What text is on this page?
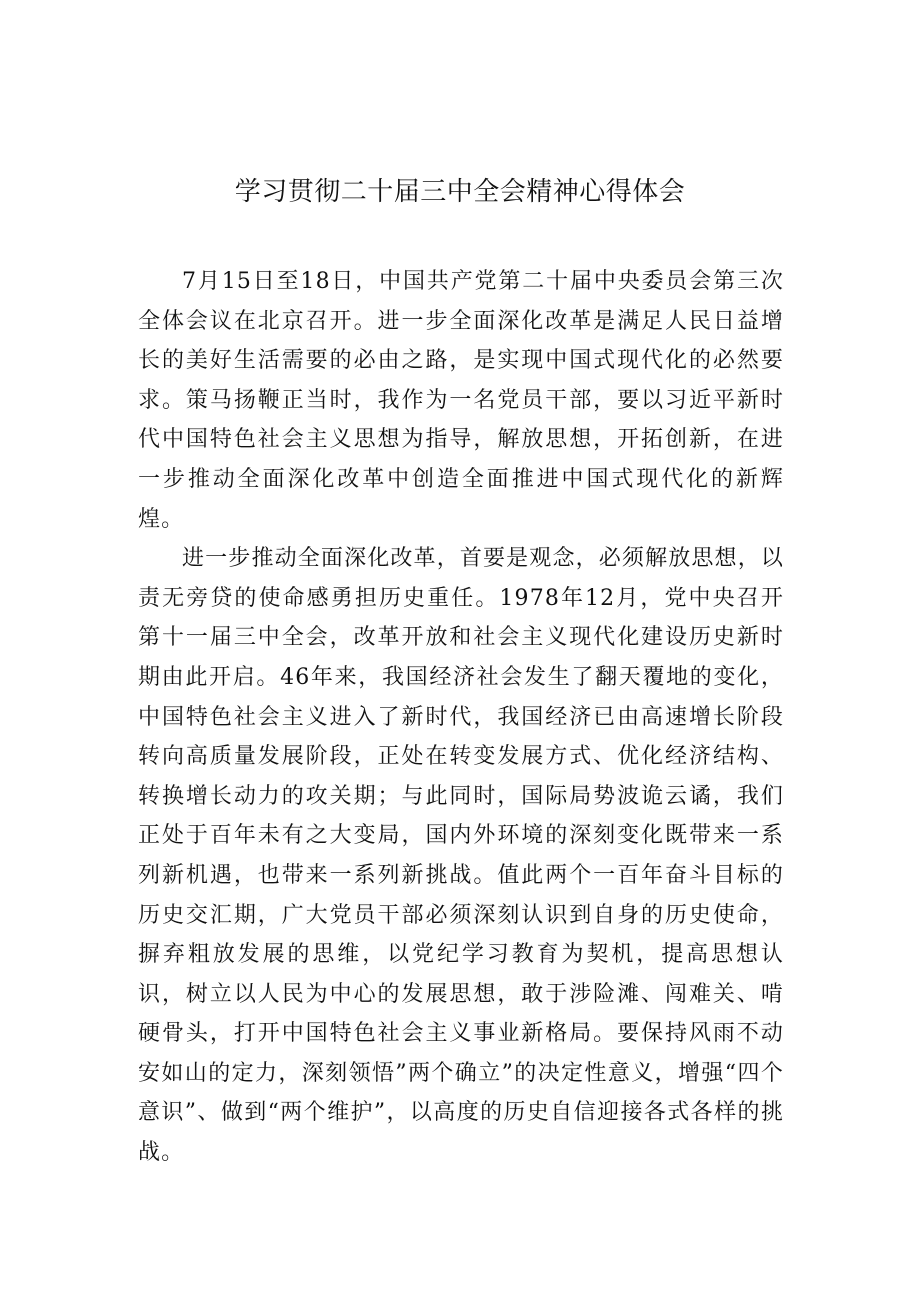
学习贯彻二十届三中全会精神心得体会

7月15日至18日，中国共产党第二十届中央委员会第三次全体会议在北京召开。进一步全面深化改革是满足人民日益增长的美好生活需要的必由之路，是实现中国式现代化的必然要求。策马扬鞭正当时，我作为一名党员干部，要以习近平新时代中国特色社会主义思想为指导，解放思想，开拓创新，在进一步推动全面深化改革中创造全面推进中国式现代化的新辉煌。

进一步推动全面深化改革，首要是观念，必须解放思想，以责无旁贷的使命感勇担历史重任。1978年12月，党中央召开第十一届三中全会，改革开放和社会主义现代化建设历史新时期由此开启。46年来，我国经济社会发生了翻天覆地的变化，中国特色社会主义进入了新时代，我国经济已由高速增长阶段转向高质量发展阶段，正处在转变发展方式、优化经济结构、转换增长动力的攻关期；与此同时，国际局势波诡云谲，我们正处于百年未有之大变局，国内外环境的深刻变化既带来一系列新机遇，也带来一系列新挑战。值此两个一百年奋斗目标的历史交汇期，广大党员干部必须深刻认识到自身的历史使命，摒弃粗放发展的思维，以党纪学习教育为契机，提高思想认识，树立以人民为中心的发展思想，敢于涉险滩、闯难关、啃硬骨头，打开中国特色社会主义事业新格局。要保持风雨不动安如山的定力，深刻领悟”两个确立”的决定性意义，增强“四个意识”、做到“两个维护”，以高度的历史自信迎接各式各样的挑战。
